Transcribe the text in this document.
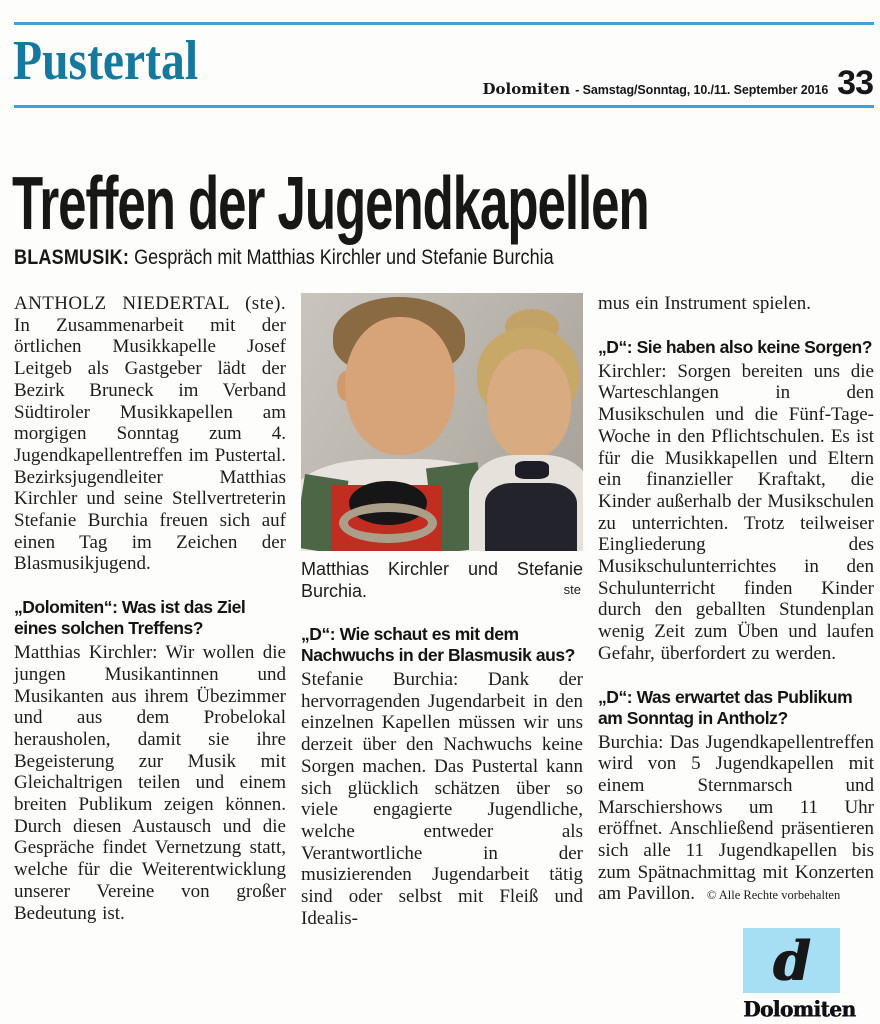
Pustertal	Dolomiten - Samstag/Sonntag, 10./11. September 2016 33
Treffen der Jugendkapellen

BLASMUSIK: Gespräch mit Matthias Kirchler und Stefanie Burchia

ANTHOLZ NIEDERTAL (ste). In Zusammenarbeit mit der örtlichen Musikkapelle Josef Leitgeb als Gastgeber lädt der Bezirk Bruneck im Verband Südtiroler Musikkapellen am morgigen Sonntag zum 4. Jugendkapellentreffen im Pustertal. Bezirksjugendleiter Matthias Kirchler und seine Stellvertreterin Stefanie Burchia freuen sich auf einen Tag im Zeichen der Blasmusikjugend.

„Dolomiten“: Was ist das Ziel eines solchen Treffens?

Matthias Kirchler: Wir wollen die jungen Musikantinnen und Musikanten aus ihrem Übezimmer und aus dem Probelokal herausholen, damit sie ihre Begeisterung zur Musik mit Gleichaltrigen teilen und einem breiten Publikum zeigen können. Durch diesen Austausch und die Gespräche findet Vernetzung statt, welche für die Weiterentwicklung unserer Vereine von großer Bedeutung ist.

Matthias Kirchler und Stefanie Burchia.	ste
„D“: Wie schaut es mit dem Nachwuchs in der Blasmusik aus?

Stefanie Burchia: Dank der hervorragenden Jugendarbeit in den einzelnen Kapellen müssen wir uns derzeit über den Nachwuchs keine Sorgen machen. Das Pustertal kann sich glücklich schätzen über so viele engagierte Jugendliche, welche entweder als Verantwortliche in der musizierenden Jugendarbeit tätig sind oder selbst mit Fleiß und Idealis-

mus ein Instrument spielen.

„D“: Sie haben also keine Sorgen?

Kirchler: Sorgen bereiten uns die Warteschlangen in den Musikschulen und die Fünf-Tage-Woche in den Pflichtschulen. Es ist für die Musikkapellen und Eltern ein finanzieller Kraftakt, die Kinder außerhalb der Musikschulen zu unterrichten. Trotz teilweiser Eingliederung des Musikschulunterrichtes in den Schulunterricht finden Kinder durch den geballten Stundenplan wenig Zeit zum Üben und laufen Gefahr, überfordert zu werden.

„D“: Was erwartet das Publikum am Sonntag in Antholz?

Burchia: Das Jugendkapellentreffen wird von 5 Jugendkapellen mit einem Sternmarsch und Marschiershows um 11 Uhr eröffnet. Anschließend präsentieren sich alle 11 Jugendkapellen bis zum Spätnachmittag mit Konzerten am Pavillon. © Alle Rechte vorbehalten

d
Dolomiten
